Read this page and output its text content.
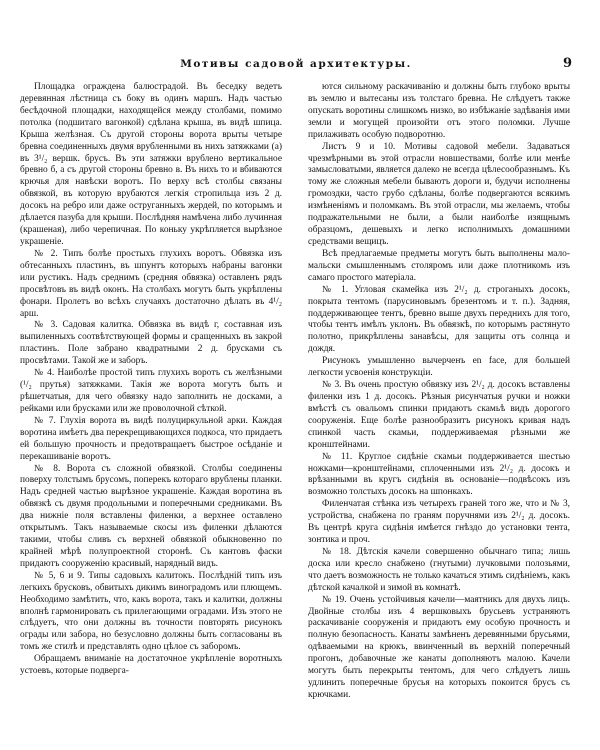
Мотивы садовой архитектуры.	9

Площадка ограждена балюстрадой. Въ беседку ведетъ деревянная лѣстница съ боку въ одинъ маршъ. Надъ частью бесѣдочной площадки, находящейся между столбами, помимо потолка (подшитаго вагонкой) сдѣлана крыша, въ видѣ шпица. Крыша желѣзная. Съ другой стороны ворота врыты четыре бревна соединенныхъ двумя врубленными въ нихъ затяжками (a) въ 3¹/₂ вершк. брусъ. Въ эти затяжки врублено вертикальное бревно б, а съ другой стороны бревно в. Въ нихъ то и вбиваются крючья для навѣски воротъ. По верху всѣ столбы связаны обвязкой, въ которую врубаются легкія стропильца изъ 2 д. досокъ на ребро или даже оструганныхъ жердей, по которымъ и дѣлается пазуба для крыши. Послѣдняя намѣчена либо лучинная (крашеная), либо черепичная. По коньку укрѣпляется вырѣзное украшеніе.

№ 2. Типъ болѣе простыхъ глухихъ воротъ. Обвязка изъ обтесанныхъ пластинъ, въ шпунтъ которыхъ набраны вагонки или рустикъ. Надъ среднимъ (средняя обвязка) оставленъ рядъ просвѣтовъ въ видѣ оконъ. На столбахъ могутъ быть укрѣплены фонари. Пролетъ во всѣхъ случаяхъ достаточно дѣлать въ 4¹/₂ арш.

№ 3. Садовая калитка. Обвязка въ видѣ г, составная изъ выпиленныхъ соотвѣтствующей формы и сращенныхъ въ закрой пластинъ. Поле забрано квадратными 2 д. брусками съ просвѣтами. Такой же и заборъ.

№ 4. Наиболѣе простой типъ глухихъ воротъ съ желѣзными (¹/₂ прутья) затяжками. Такія же ворота могутъ быть и рѣшетчатыя, для чего обвязку надо заполнить не досками, а рейками или брусками или же проволочной сѣткой.

№ 7. Глухія ворота въ видѣ полуциркульной арки. Каждая воротина имѣетъ два перекрещивающихся подкоса, что придаетъ ей большую прочность и предотвращаетъ быстрое осѣданіе и перекашиваніе воротъ.

№ 8. Ворота съ сложной обвязкой. Столбы соединены поверху толстымъ брусомъ, поперекъ котораго врублены планки. Надъ средней частью вырѣзное украшеніе. Каждая воротина въ обвязкѣ съ двумя продольными и поперечными средниками. Въ два нижніе поля вставлены филенки, а верхнее оставлено открытымъ. Такъ называемые скосы изъ филенки дѣлаются такими, чтобы сливъ съ верхней обвязкой обыкновенно по крайней мѣрѣ полупроектной сторонѣ. Съ кантовъ фаски придаютъ сооруженію красивый, нарядный видъ.

№ 5, 6 и 9. Типы садовыхъ калитокъ. Послѣдній типъ изъ легкихъ брусковъ, обвитыхъ дикимъ виноградомъ или плющемъ. Необходимо замѣтить, что, какъ ворота, такъ и калитки, должны вполнѣ гармонировать съ прилегающими оградами. Изъ этого не слѣдуетъ, что они должны въ точности повторять рисунокъ ограды или забора, но безусловно должны быть согласованы въ томъ же стилѣ и представлять одно цѣлое съ заборомъ.

Обращаемъ вниманіе на достаточное укрѣпленіе воротныхъ устоевъ, которые подверга-

ются сильному раскачиванію и должны быть глубоко врыты въ землю и вытесаны изъ толстаго бревна. Не слѣдуетъ также опускать воротины слишкомъ низко, во избѣжаніе задѣванія ими земли и могущей произойти отъ этого поломки. Лучше прилаживать особую подворотню.

Листъ 9 и 10. Мотивы садовой мебели. Задаваться чрезмѣрными въ этой отрасли новшествами, болѣе или менѣе замысловатыми, является далеко не всегда цѣлесообразнымъ. Къ тому же сложныя мебели бываютъ дороги и, будучи исполнены громоздки, часто грубо сдѣланы, болѣе подвергаются всякимъ измѣненіямъ и поломкамъ. Въ этой отрасли, мы желаемъ, чтобы подражательными не были, а были наиболѣе изящнымъ образцомъ, дешевыхъ и легко исполнимыхъ домашними средствами вещицъ.

Всѣ предлагаемые предметы могутъ быть выполнены мало-мальски смышленнымъ столяромъ или даже плотникомъ изъ самаго простого матеріала.

№ 1. Угловая скамейка изъ 2¹/₂ д. строганыхъ досокъ, покрыта тентомъ (парусиновымъ брезентомъ и т. п.). Задняя, поддерживающее тентъ, бревно выше двухъ переднихъ для того, чтобы тентъ имѣлъ уклонъ. Въ обвязкѣ, по которымъ растянуто полотно, прикрѣплены занавѣсы, для защиты отъ солнца и дождя.

Рисунокъ умышленно вычерченъ en face, для большей легкости усвоенія конструкціи.

№ 3. Въ очень простую обвязку изъ 2¹/₂ д. досокъ вставлены филенки изъ 1 д. досокъ. Рѣзныя рисунчатыя ручки и ножки вмѣстѣ съ овальомъ спинки придаютъ скамьѣ видъ дорогого сооруженія. Еще болѣе разнообразитъ рисунокъ кривая надъ спинкой часть скамьи, поддерживаемая рѣзными же кронштейнами.

№ 11. Круглое сидѣніе скамьи поддерживается шестью ножками—кронштейнами, сплоченными изъ 2¹/₂ д. досокъ и врѣзанными въ кругъ сидѣнія въ основаніе—подвѣсокъ изъ возможно толстыхъ досокъ на шпонкахъ.

Филенчатая стѣнка изъ четырехъ граней того же, что и № 3, устройства, снабжена по граням поручнями изъ 2¹/₂ д. досокъ. Въ центрѣ круга сидѣнія имѣется гнѣздо до установки тента, зонтика и проч.

№ 18. Дѣтскія качели совершенно обычнаго типа; лишь доска или кресло снабжено (гнутыми) лучковыми полозьями, что даетъ возможность не только качаться этимъ сидѣніемъ, какъ дѣтской качалкой и зимой въ комнатѣ.

№ 19. Очень устойчивыя качели—маятникъ для двухъ лицъ. Двойные столбы изъ 4 вершковыхъ брусьевъ устраняютъ раскачиваніе сооруженія и придаютъ ему особую прочность и полную безопасность. Канаты замѣненъ деревянными брусьями, одѣваемыми на крюкъ, ввинченный въ верхній поперечный прогонъ, добавочные же канаты дополняютъ малою. Качели могутъ быть перекрыты тентомъ, для чего слѣдуетъ лишь удлинить поперечные брусья на которыхъ покоится брусъ съ крючками.
